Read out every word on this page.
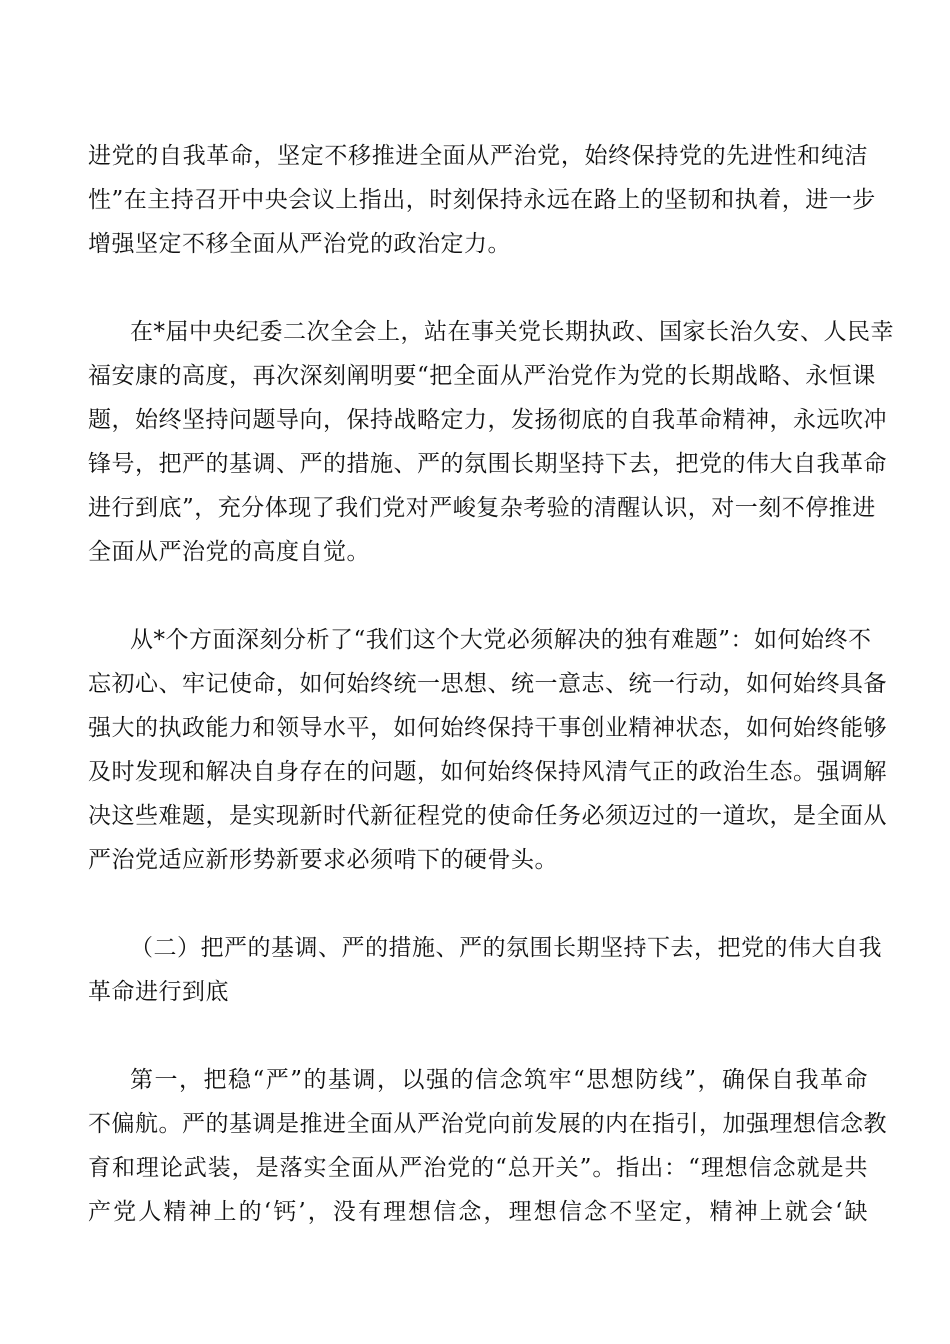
进党的自我革命，坚定不移推进全面从严治党，始终保持党的先进性和纯洁
性”在主持召开中央会议上指出，时刻保持永远在路上的坚韧和执着，进一步
增强坚定不移全面从严治党的政治定力。
在*届中央纪委二次全会上，站在事关党长期执政、国家长治久安、人民幸
福安康的高度，再次深刻阐明要“把全面从严治党作为党的长期战略、永恒课
题，始终坚持问题导向，保持战略定力，发扬彻底的自我革命精神，永远吹冲
锋号，把严的基调、严的措施、严的氛围长期坚持下去，把党的伟大自我革命
进行到底”，充分体现了我们党对严峻复杂考验的清醒认识，对一刻不停推进
全面从严治党的高度自觉。
从*个方面深刻分析了“我们这个大党必须解决的独有难题”：如何始终不
忘初心、牢记使命，如何始终统一思想、统一意志、统一行动，如何始终具备
强大的执政能力和领导水平，如何始终保持干事创业精神状态，如何始终能够
及时发现和解决自身存在的问题，如何始终保持风清气正的政治生态。强调解
决这些难题，是实现新时代新征程党的使命任务必须迈过的一道坎，是全面从
严治党适应新形势新要求必须啃下的硬骨头。
（二）把严的基调、严的措施、严的氛围长期坚持下去，把党的伟大自我
革命进行到底
第一，把稳“严”的基调，以强的信念筑牢“思想防线”，确保自我革命
不偏航。严的基调是推进全面从严治党向前发展的内在指引，加强理想信念教
育和理论武装，是落实全面从严治党的“总开关”。指出：“理想信念就是共
产党人精神上的‘钙’，没有理想信念，理想信念不坚定，精神上就会‘缺
